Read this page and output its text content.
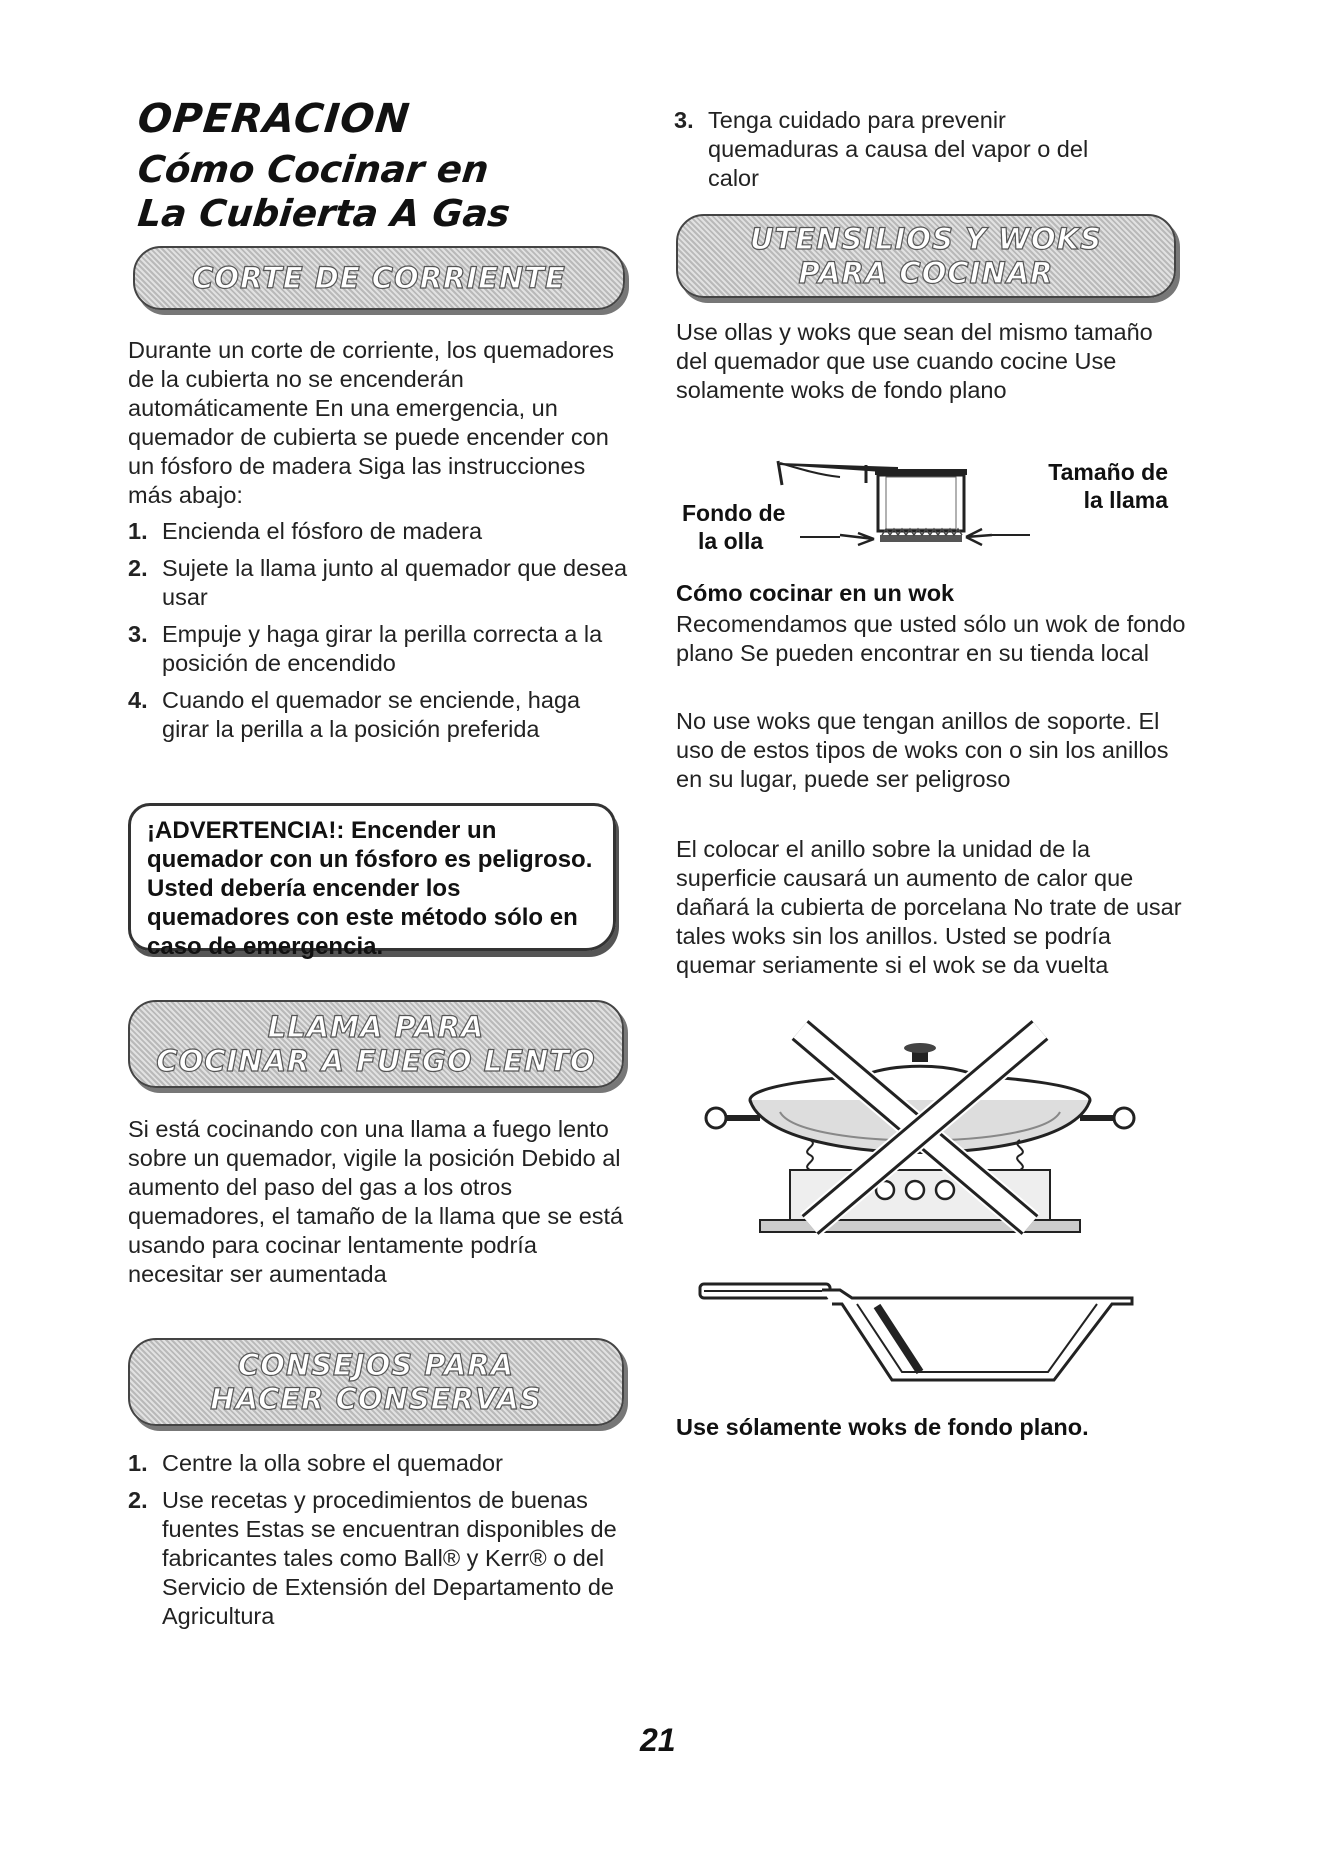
OPERACION
Cómo Cocinar en
La Cubierta A Gas
CORTE DE CORRIENTE

Durante un corte de corriente, los quemadores de la cubierta no se encenderán automáticamente En una emergencia, un quemador de cubierta se puede encender con un fósforo de madera Siga las instrucciones más abajo:

1. Encienda el fósforo de madera
2. Sujete la llama junto al quemador que desea usar
3. Empuje y haga girar la perilla correcta a la posición de encendido
4. Cuando el quemador se enciende, haga girar la perilla a la posición preferida
¡ADVERTENCIA!: Encender un quemador con un fósforo es peligroso. Usted debería encender los quemadores con este método sólo en caso de emergencia.
LLAMA PARA
COCINAR A FUEGO LENTO

Si está cocinando con una llama a fuego lento sobre un quemador, vigile la posición Debido al aumento del paso del gas a los otros quemadores, el tamaño de la llama que se está usando para cocinar lentamente podría necesitar ser aumentada

CONSEJOS PARA
HACER CONSERVAS
1. Centre la olla sobre el quemador
2. Use recetas y procedimientos de buenas fuentes Estas se encuentran disponibles de fabricantes tales como Ball® y Kerr® o del Servicio de Extensión del Departamento de Agricultura
3. Tenga cuidado para prevenir quemaduras a causa del vapor o del calor
UTENSILIOS Y WOKS
PARA COCINAR

Use ollas y woks que sean del mismo tamaño del quemador que use cuando cocine Use solamente woks de fondo plano

Tamaño de
la llama
Fondo de
la olla
Cómo cocinar en un wok

Recomendamos que usted sólo un wok de fondo plano Se pueden encontrar en su tienda local

No use woks que tengan anillos de soporte. El uso de estos tipos de woks con o sin los anillos en su lugar, puede ser peligroso

El colocar el anillo sobre la unidad de la superficie causará un aumento de calor que dañará la cubierta de porcelana No trate de usar tales woks sin los anillos. Usted se podría quemar seriamente si el wok se da vuelta

Use sólamente woks de fondo plano.
21
